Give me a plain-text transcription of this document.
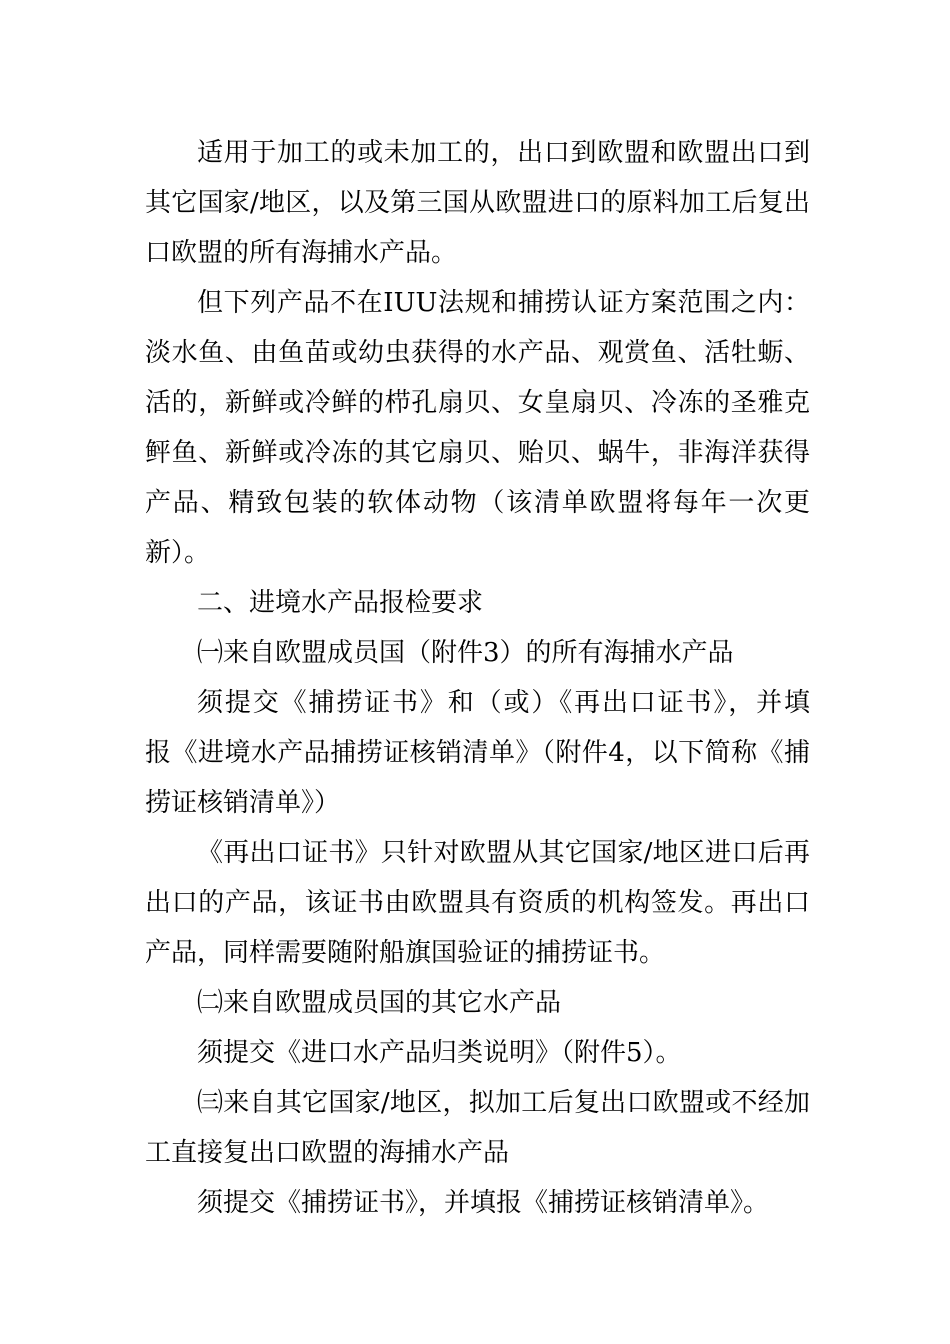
适用于加工的或未加工的，出口到欧盟和欧盟出口到
其它国家/地区，以及第三国从欧盟进口的原料加工后复出
口欧盟的所有海捕水产品。
但下列产品不在IUU法规和捕捞认证方案范围之内：
淡水鱼、由鱼苗或幼虫获得的水产品、观赏鱼、活牡蛎、
活的，新鲜或冷鲜的栉孔扇贝、女皇扇贝、冷冻的圣雅克
鲆鱼、新鲜或冷冻的其它扇贝、贻贝、蜗牛，非海洋获得
产品、精致包装的软体动物（该清单欧盟将每年一次更
新）。
二、进境水产品报检要求
㈠来自欧盟成员国（附件3）的所有海捕水产品
须提交《捕捞证书》和（或）《再出口证书》，并填
报《进境水产品捕捞证核销清单》（附件4，以下简称《捕
捞证核销清单》）
《再出口证书》只针对欧盟从其它国家/地区进口后再
出口的产品，该证书由欧盟具有资质的机构签发。再出口
产品，同样需要随附船旗国验证的捕捞证书。
㈡来自欧盟成员国的其它水产品
须提交《进口水产品归类说明》（附件5）。
㈢来自其它国家/地区，拟加工后复出口欧盟或不经加
工直接复出口欧盟的海捕水产品
须提交《捕捞证书》，并填报《捕捞证核销清单》。
